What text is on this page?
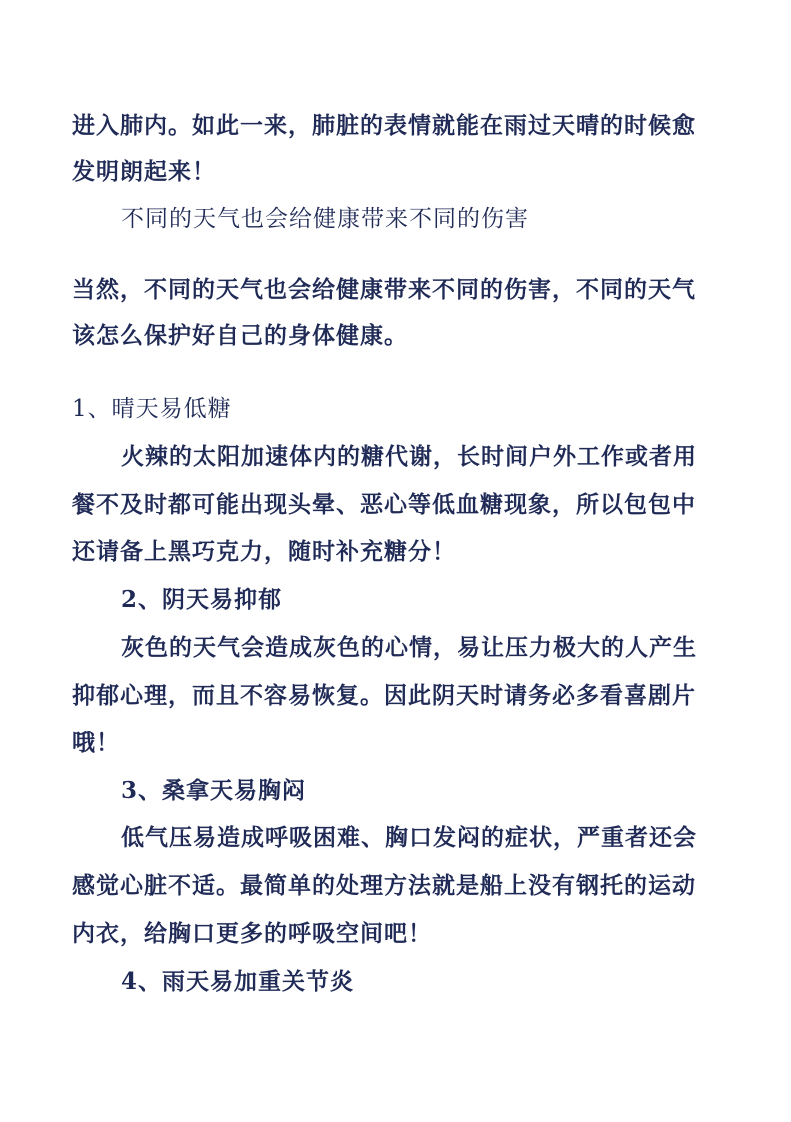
进入肺内。如此一来，肺脏的表情就能在雨过天晴的时候愈
发明朗起来！
不同的天气也会给健康带来不同的伤害
当然，不同的天气也会给健康带来不同的伤害，不同的天气
该怎么保护好自己的身体健康。
1、晴天易低糖
火辣的太阳加速体内的糖代谢，长时间户外工作或者用
餐不及时都可能出现头晕、恶心等低血糖现象，所以包包中
还请备上黑巧克力，随时补充糖分！
2、阴天易抑郁
灰色的天气会造成灰色的心情，易让压力极大的人产生
抑郁心理，而且不容易恢复。因此阴天时请务必多看喜剧片
哦！
3、桑拿天易胸闷
低气压易造成呼吸困难、胸口发闷的症状，严重者还会
感觉心脏不适。最简单的处理方法就是船上没有钢托的运动
内衣，给胸口更多的呼吸空间吧！
4、雨天易加重关节炎
